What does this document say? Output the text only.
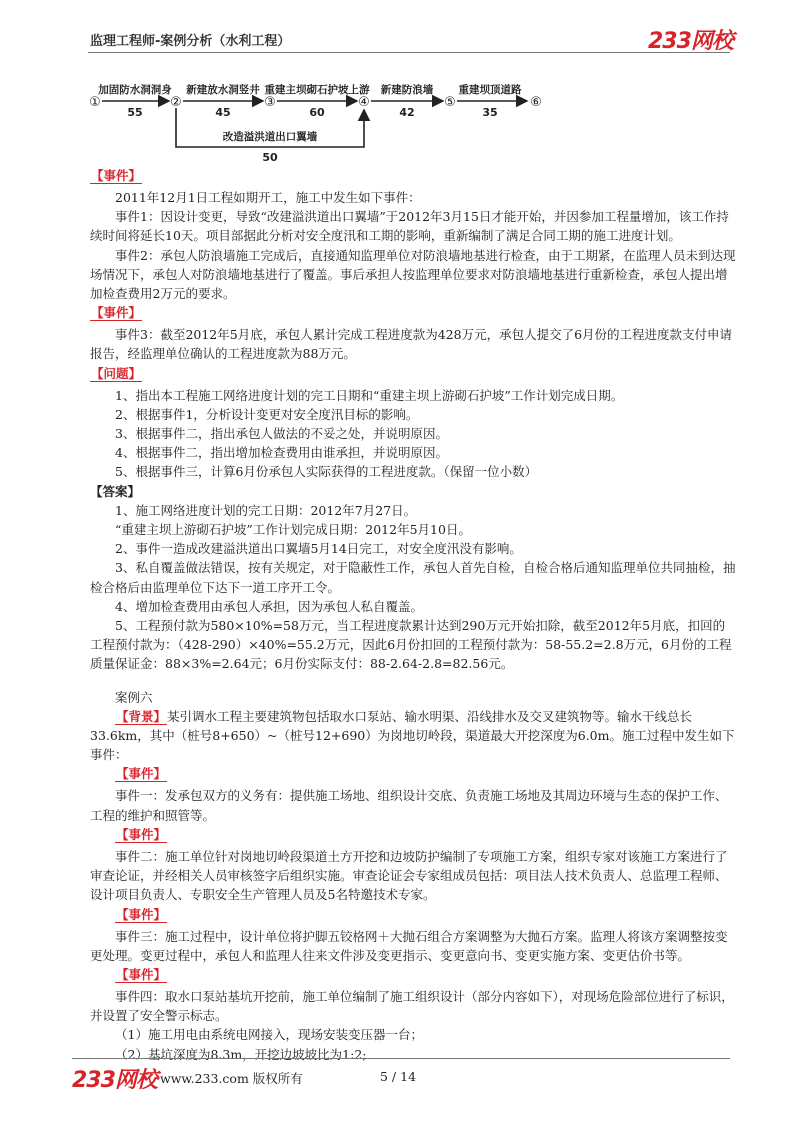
监理工程师-案例分析（水利工程）	233网校
①	②	③	④	⑤	⑥
加固防水洞洞身
55
新建放水洞竖井
45
重建主坝砌石护坡上游
60
新建防浪墙
42
重建坝顶道路
35
改造溢洪道出口翼墙
50

【事件】

2011年12月1日工程如期开工，施工中发生如下事件：

事件1：因设计变更，导致“改建溢洪道出口翼墙”于2012年3月15日才能开始，并因参加工程量增加，该工作持续时间将延长10天。项目部据此分析对安全度汛和工期的影响，重新编制了满足合同工期的施工进度计划。

事件2：承包人防浪墙施工完成后，直接通知监理单位对防浪墙地基进行检查，由于工期紧，在监理人员未到达现场情况下，承包人对防浪墙地基进行了覆盖。事后承担人按监理单位要求对防浪墙地基进行重新检查，承包人提出增加检查费用2万元的要求。

【事件】

事件3：截至2012年5月底，承包人累计完成工程进度款为428万元，承包人提交了6月份的工程进度款支付申请报告，经监理单位确认的工程进度款为88万元。

【问题】

1、指出本工程施工网络进度计划的完工日期和“重建主坝上游砌石护坡”工作计划完成日期。

2、根据事件1，分析设计变更对安全度汛目标的影响。

3、根据事件二，指出承包人做法的不妥之处，并说明原因。

4、根据事件二，指出增加检查费用由谁承担，并说明原因。

5、根据事件三，计算6月份承包人实际获得的工程进度款。（保留一位小数）

【答案】

1、施工网络进度计划的完工日期：2012年7月27日。

“重建主坝上游砌石护坡”工作计划完成日期：2012年5月10日。

2、事件一造成改建溢洪道出口翼墙5月14日完工，对安全度汛没有影响。

3、私自覆盖做法错误，按有关规定，对于隐蔽性工作，承包人首先自检，自检合格后通知监理单位共同抽检，抽检合格后由监理单位下达下一道工序开工令。

4、增加检查费用由承包人承担，因为承包人私自覆盖。

5、工程预付款为580×10%=58万元，当工程进度款累计达到290万元开始扣除，截至2012年5月底，扣回的工程预付款为：（428-290）×40%=55.2万元，因此6月份扣回的工程预付款为：58-55.2=2.8万元，6月份的工程质量保证金：88×3%=2.64元；6月份实际支付：88-2.64-2.8=82.56元。

案例六

【背景】某引调水工程主要建筑物包括取水口泵站、输水明渠、沿线排水及交叉建筑物等。输水干线总长33.6km，其中（桩号8+650）~（桩号12+690）为岗地切岭段，渠道最大开挖深度为6.0m。施工过程中发生如下事件：

【事件】

事件一：发承包双方的义务有：提供施工场地、组织设计交底、负责施工场地及其周边环境与生态的保护工作、工程的维护和照管等。

【事件】

事件二：施工单位针对岗地切岭段渠道土方开挖和边坡防护编制了专项施工方案，组织专家对该施工方案进行了审查论证，并经相关人员审核签字后组织实施。审查论证会专家组成员包括：项目法人技术负责人、总监理工程师、设计项目负责人、专职安全生产管理人员及5名特邀技术专家。

【事件】

事件三：施工过程中，设计单位将护脚五铰格网＋大抛石组合方案调整为大抛石方案。监理人将该方案调整按变更处理。变更过程中，承包人和监理人往来文件涉及变更指示、变更意向书、变更实施方案、变更估价书等。

【事件】

事件四：取水口泵站基坑开挖前，施工单位编制了施工组织设计（部分内容如下），对现场危险部位进行了标识，并设置了安全警示标志。

（1）施工用电由系统电网接入，现场安装变压器一台；

（2）基坑深度为8.3m，开挖边坡坡比为1:2;

233网校 www.233.com 版权所有	5 / 14
